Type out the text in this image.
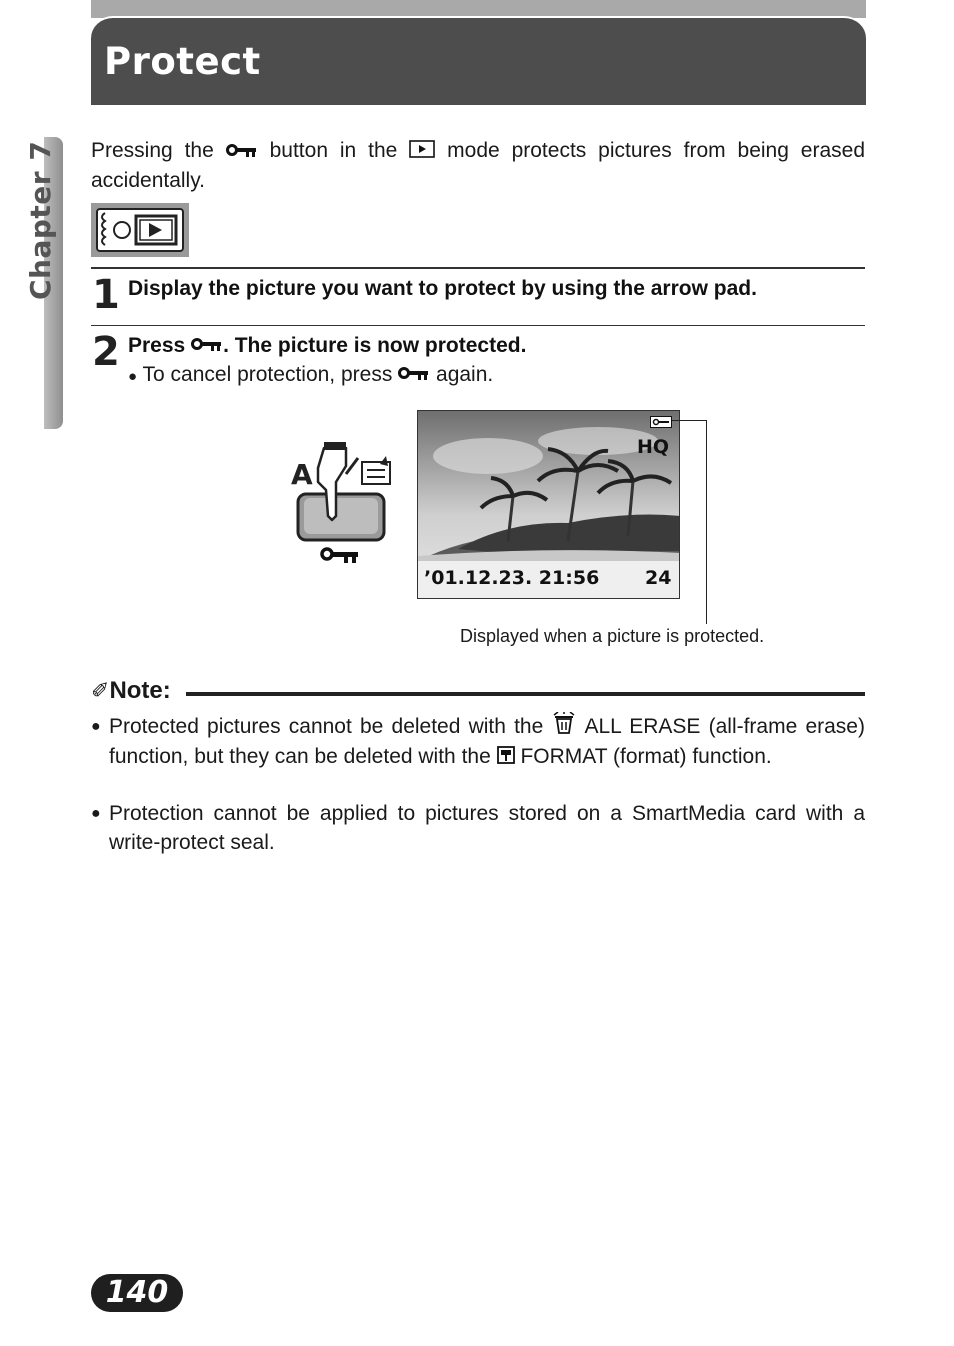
Protect
Chapter 7 Pressing the	button in the mode protects pictures from being erased accidentally.
1 Display the picture you want to protect by using the arrow pad.
2 Press . The picture is now protected.
● To cancel protection, press again.
A
HQ
’01.12.23. 21:56 24
Displayed when a picture is protected.
✐Note:
● Protected pictures cannot be deleted with the ALL ERASE (all-frame erase) function, but they can be deleted with the FORMAT (format) function.
● Protection cannot be applied to pictures stored on a SmartMedia card with a write-protect seal.
140
